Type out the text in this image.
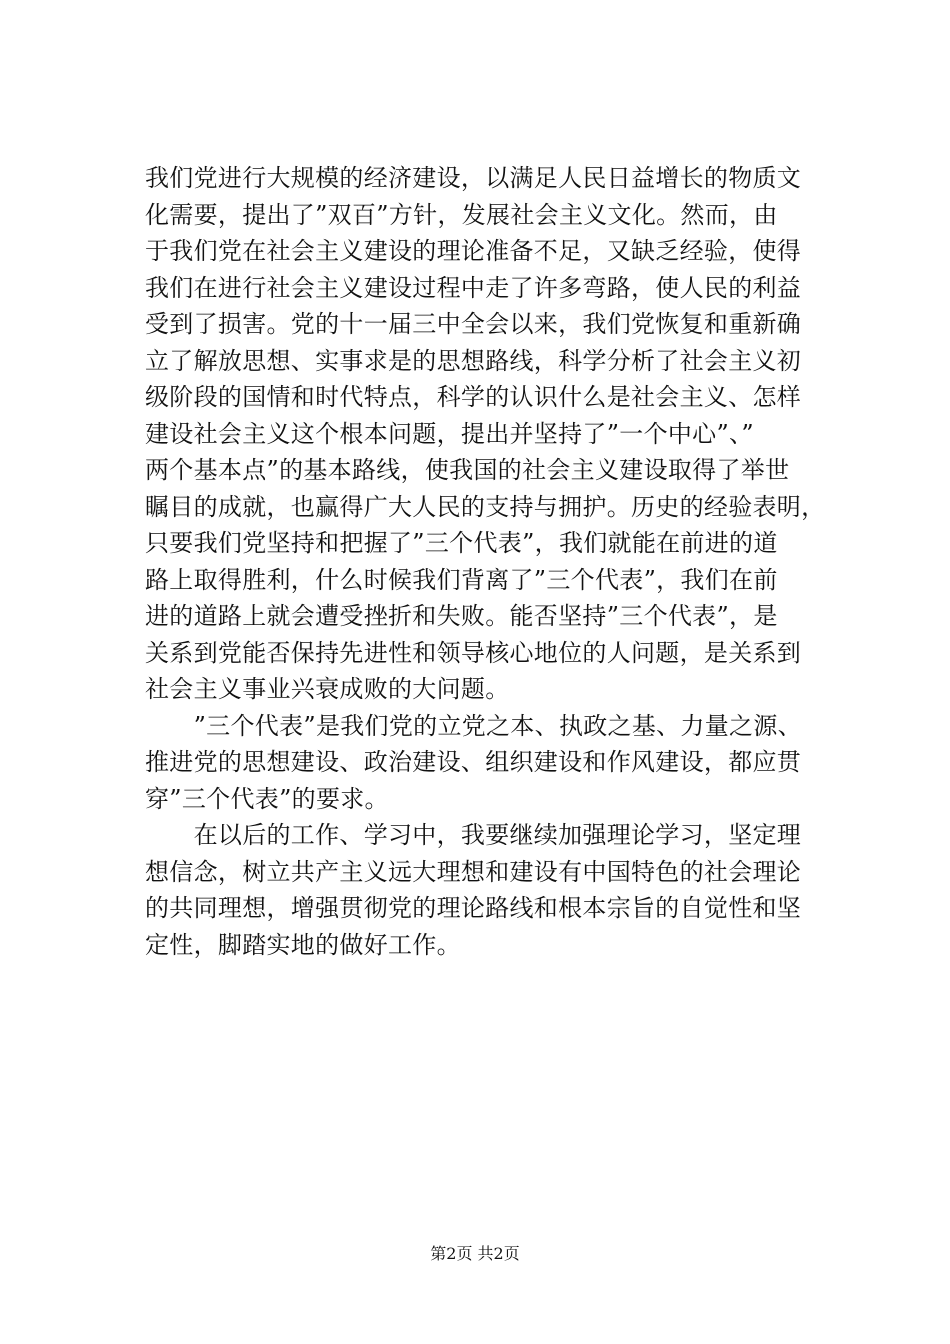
我们党进行大规模的经济建设，以满足人民日益增长的物质文
化需要，提出了”双百”方针，发展社会主义文化。然而，由
于我们党在社会主义建设的理论准备不足，又缺乏经验，使得
我们在进行社会主义建设过程中走了许多弯路，使人民的利益
受到了损害。党的十一届三中全会以来，我们党恢复和重新确
立了解放思想、实事求是的思想路线，科学分析了社会主义初
级阶段的国情和时代特点，科学的认识什么是社会主义、怎样
建设社会主义这个根本问题，提出并坚持了”一个中心”、”
两个基本点”的基本路线，使我国的社会主义建设取得了举世
瞩目的成就，也赢得广大人民的支持与拥护。历史的经验表明，
只要我们党坚持和把握了”三个代表”，我们就能在前进的道
路上取得胜利，什么时候我们背离了”三个代表”，我们在前
进的道路上就会遭受挫折和失败。能否坚持”三个代表”，是
关系到党能否保持先进性和领导核心地位的人问题，是关系到
社会主义事业兴衰成败的大问题。
　　”三个代表”是我们党的立党之本、执政之基、力量之源、
推进党的思想建设、政治建设、组织建设和作风建设，都应贯
穿”三个代表”的要求。
　　在以后的工作、学习中，我要继续加强理论学习，坚定理
想信念，树立共产主义远大理想和建设有中国特色的社会理论
的共同理想，增强贯彻党的理论路线和根本宗旨的自觉性和坚
定性，脚踏实地的做好工作。
第2页 共2页
